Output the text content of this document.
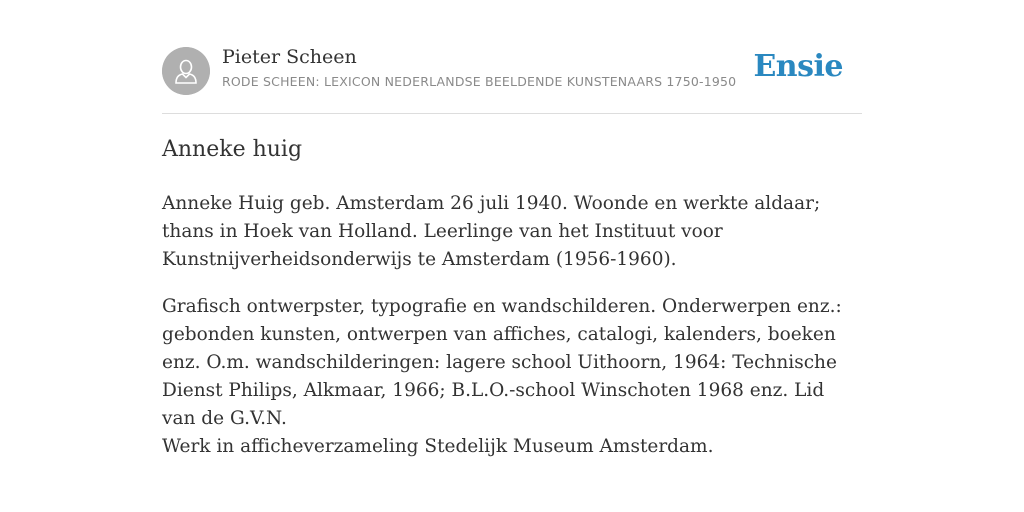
Pieter Scheen
RODE SCHEEN: LEXICON NEDERLANDSE BEELDENDE KUNSTENAARS 1750-1950 Ensie
Anneke huig

Anneke Huig geb. Amsterdam 26 juli 1940. Woonde en werkte aldaar; thans in Hoek van Holland. Leerlinge van het Instituut voor Kunstnijverheidsonderwijs te Amsterdam (1956-1960).

Grafisch ontwerpster, typografie en wandschilderen. Onderwerpen enz.: gebonden kunsten, ontwerpen van affiches, catalogi, kalenders, boeken enz. O.m. wandschilderingen: lagere school Uithoorn, 1964: Technische Dienst Philips, Alkmaar, 1966; B.L.O.-school Winschoten 1968 enz. Lid van de G.V.N.

Werk in afficheverzameling Stedelijk Museum Amsterdam.
